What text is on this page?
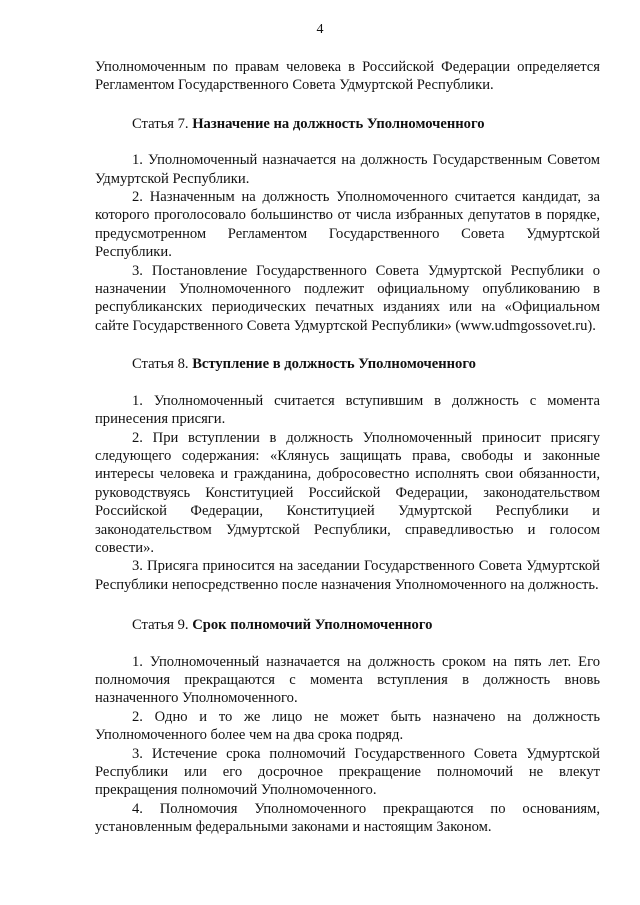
4

Уполномоченным по правам человека в Российской Федерации определяется Регламентом Государственного Совета Удмуртской Республики.

Статья 7. Назначение на должность Уполномоченного

1. Уполномоченный назначается на должность Государственным Советом Удмуртской Республики.

2. Назначенным на должность Уполномоченного считается кандидат, за которого проголосовало большинство от числа избранных депутатов в порядке, предусмотренном Регламентом Государственного Совета Удмуртской Республики.

3. Постановление Государственного Совета Удмуртской Республики о назначении Уполномоченного подлежит официальному опубликованию в республиканских периодических печатных изданиях или на «Официальном сайте Государственного Совета Удмуртской Республики» (www.udmgossovet.ru).

Статья 8. Вступление в должность Уполномоченного

1. Уполномоченный считается вступившим в должность с момента принесения присяги.

2. При вступлении в должность Уполномоченный приносит присягу следующего содержания: «Клянусь защищать права, свободы и законные интересы человека и гражданина, добросовестно исполнять свои обязанности, руководствуясь Конституцией Российской Федерации, законодательством Российской Федерации, Конституцией Удмуртской Республики и законодательством Удмуртской Республики, справедливостью и голосом совести».

3. Присяга приносится на заседании Государственного Совета Удмуртской Республики непосредственно после назначения Уполномоченного на должность.

Статья 9. Срок полномочий Уполномоченного

1. Уполномоченный назначается на должность сроком на пять лет. Его полномочия прекращаются с момента вступления в должность вновь назначенного Уполномоченного.

2. Одно и то же лицо не может быть назначено на должность Уполномоченного более чем на два срока подряд.

3. Истечение срока полномочий Государственного Совета Удмуртской Республики или его досрочное прекращение полномочий не влекут прекращения полномочий Уполномоченного.

4. Полномочия Уполномоченного прекращаются по основаниям, установленным федеральными законами и настоящим Законом.
